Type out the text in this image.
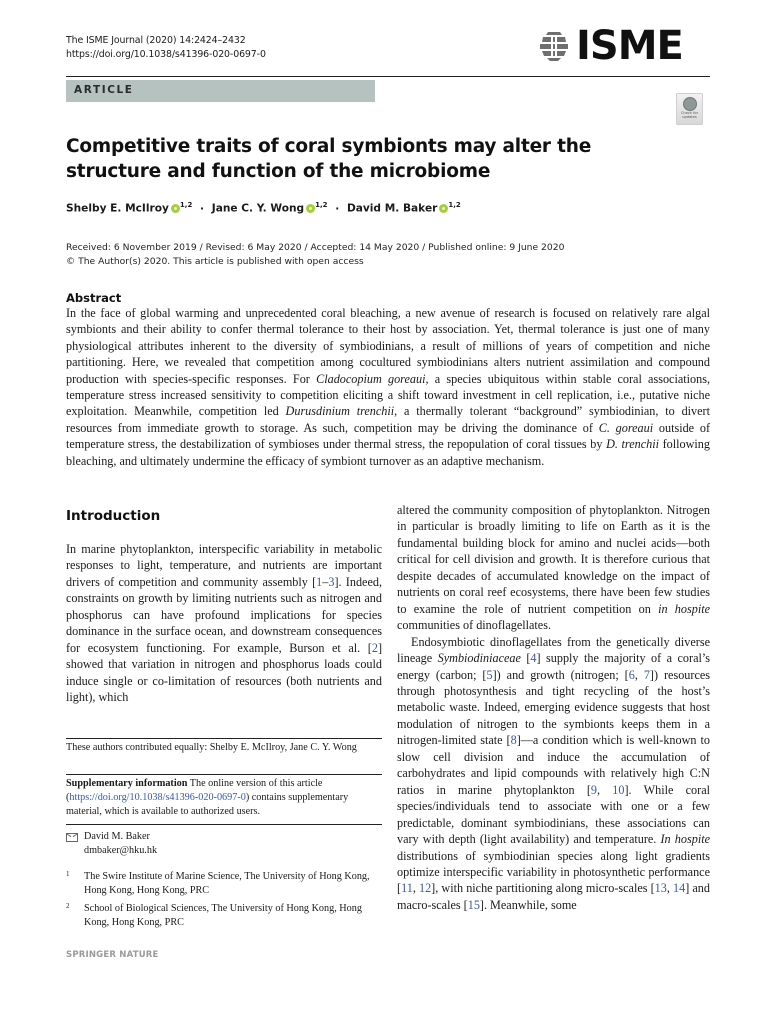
The ISME Journal (2020) 14:2424–2432
https://doi.org/10.1038/s41396-020-0697-0	ISME
ARTICLE
Check for updates
Competitive traits of coral symbionts may alter the structure and function of the microbiome
Shelby E. McIlroy $^{1,2}$ · Jane C. Y. Wong $^{1,2}$ · David M. Baker $^{1,2}$
Received: 6 November 2019 / Revised: 6 May 2020 / Accepted: 14 May 2020 / Published online: 9 June 2020
© The Author(s) 2020. This article is published with open access
Abstract

In the face of global warming and unprecedented coral bleaching, a new avenue of research is focused on relatively rare algal symbionts and their ability to confer thermal tolerance to their host by association. Yet, thermal tolerance is just one of many physiological attributes inherent to the diversity of symbiodinians, a result of millions of years of competition and niche partitioning. Here, we revealed that competition among cocultured symbiodinians alters nutrient assimilation and compound production with species-specific responses. For Cladocopium goreaui, a species ubiquitous within stable coral associations, temperature stress increased sensitivity to competition eliciting a shift toward investment in cell replication, i.e., putative niche exploitation. Meanwhile, competition led Durusdinium trenchii, a thermally tolerant “background” symbiodinian, to divert resources from immediate growth to storage. As such, competition may be driving the dominance of C. goreaui outside of temperature stress, the destabilization of symbioses under thermal stress, the repopulation of coral tissues by D. trenchii following bleaching, and ultimately undermine the efficacy of symbiont turnover as an adaptive mechanism.

Introduction

In marine phytoplankton, interspecific variability in metabolic responses to light, temperature, and nutrients are important drivers of competition and community assembly [1–3]. Indeed, constraints on growth by limiting nutrients such as nitrogen and phosphorus can have profound implications for species dominance in the surface ocean, and downstream consequences for ecosystem functioning. For example, Burson et al. [2] showed that variation in nitrogen and phosphorus loads could induce single or co-limitation of resources (both nutrients and light), which

altered the community composition of phytoplankton. Nitrogen in particular is broadly limiting to life on Earth as it is the fundamental building block for amino and nuclei acids—both critical for cell division and growth. It is therefore curious that despite decades of accumulated knowledge on the impact of nutrients on coral reef ecosystems, there have been few studies to examine the role of nutrient competition on in hospite communities of dinoflagellates.

Endosymbiotic dinoflagellates from the genetically diverse lineage Symbiodiniaceae [4] supply the majority of a coral’s energy (carbon; [5]) and growth (nitrogen; [6, 7]) resources through photosynthesis and tight recycling of the host’s metabolic waste. Indeed, emerging evidence suggests that host modulation of nitrogen to the symbionts keeps them in a nitrogen-limited state [8]—a condition which is well-known to slow cell division and induce the accumulation of carbohydrates and lipid compounds with relatively high C:N ratios in marine phytoplankton [9, 10]. While coral species/individuals tend to associate with one or a few predictable, dominant symbiodinians, these associations can vary with depth (light availability) and temperature. In hospite distributions of symbiodinian species along light gradients optimize interspecific variability in photosynthetic performance [11, 12], with niche partitioning along micro-scales [13, 14] and macro-scales [15]. Meanwhile, some

These authors contributed equally: Shelby E. McIlroy, Jane C. Y. Wong
Supplementary information The online version of this article (https://doi.org/10.1038/s41396-020-0697-0) contains supplementary material, which is available to authorized users.
David M. Baker
dmbaker@hku.hk
1 The Swire Institute of Marine Science, The University of Hong Kong, Hong Kong, Hong Kong, PRC
2 School of Biological Sciences, The University of Hong Kong, Hong Kong, Hong Kong, PRC
SPRINGER NATURE
